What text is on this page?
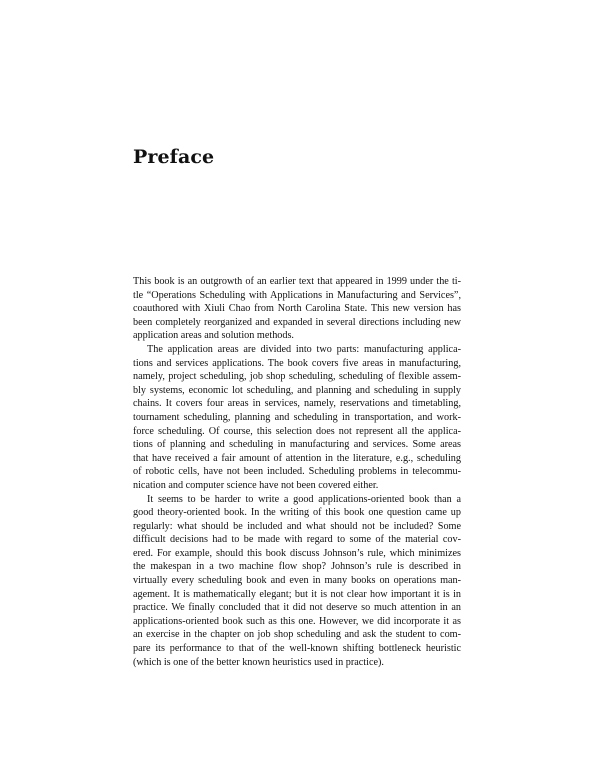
Preface
This book is an outgrowth of an earlier text that appeared in 1999 under the ti-
tle “Operations Scheduling with Applications in Manufacturing and Services”,
coauthored with Xiuli Chao from North Carolina State. This new version has
been completely reorganized and expanded in several directions including new
application areas and solution methods.
The application areas are divided into two parts: manufacturing applica-
tions and services applications. The book covers five areas in manufacturing,
namely, project scheduling, job shop scheduling, scheduling of flexible assem-
bly systems, economic lot scheduling, and planning and scheduling in supply
chains. It covers four areas in services, namely, reservations and timetabling,
tournament scheduling, planning and scheduling in transportation, and work-
force scheduling. Of course, this selection does not represent all the applica-
tions of planning and scheduling in manufacturing and services. Some areas
that have received a fair amount of attention in the literature, e.g., scheduling
of robotic cells, have not been included. Scheduling problems in telecommu-
nication and computer science have not been covered either.
It seems to be harder to write a good applications-oriented book than a
good theory-oriented book. In the writing of this book one question came up
regularly: what should be included and what should not be included? Some
difficult decisions had to be made with regard to some of the material cov-
ered. For example, should this book discuss Johnson’s rule, which minimizes
the makespan in a two machine flow shop? Johnson’s rule is described in
virtually every scheduling book and even in many books on operations man-
agement. It is mathematically elegant; but it is not clear how important it is in
practice. We finally concluded that it did not deserve so much attention in an
applications-oriented book such as this one. However, we did incorporate it as
an exercise in the chapter on job shop scheduling and ask the student to com-
pare its performance to that of the well-known shifting bottleneck heuristic
(which is one of the better known heuristics used in practice).
